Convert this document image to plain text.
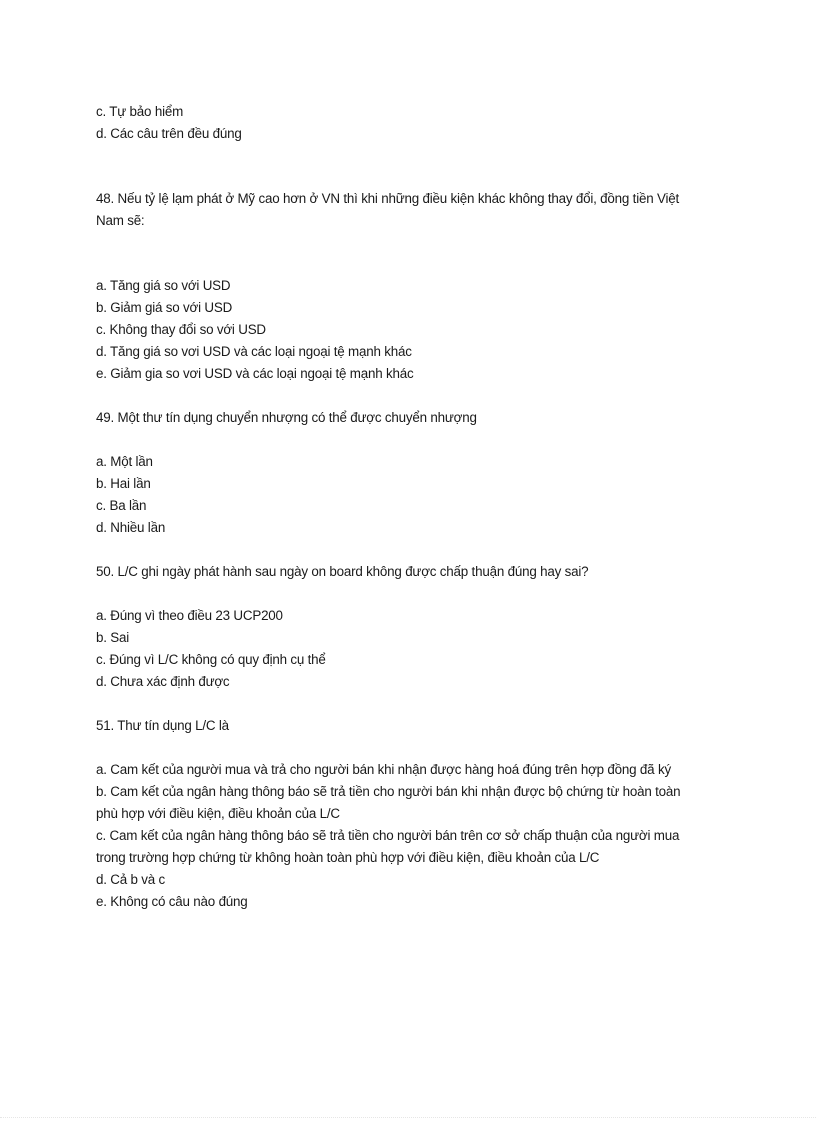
c. Tự bảo hiểm
d. Các câu trên đều đúng
48. Nếu tỷ lệ lạm phát ở Mỹ cao hơn ở VN thì khi những điều kiện khác không thay đổi, đồng tiền Việt
Nam sẽ:
a. Tăng giá so với USD
b. Giảm giá so với USD
c. Không thay đổi so với USD
d. Tăng giá so vơi USD và các loại ngoại tệ mạnh khác
e. Giảm gia so vơi USD và các loại ngoại tệ mạnh khác
49. Một thư tín dụng chuyển nhượng có thể được chuyển nhượng
a. Một lần
b. Hai lần
c. Ba lần
d. Nhiều lần
50. L/C ghi ngày phát hành sau ngày on board không được chấp thuận đúng hay sai?
a. Đúng vì theo điều 23 UCP200
b. Sai
c. Đúng vì L/C không có quy định cụ thể
d. Chưa xác định được
51. Thư tín dụng L/C là
a. Cam kết của người mua và trả cho người bán khi nhận được hàng hoá đúng trên hợp đồng đã ký
b. Cam kết của ngân hàng thông báo sẽ trả tiền cho người bán khi nhận được bộ chứng từ hoàn toàn
phù hợp với điều kiện, điều khoản của L/C
c. Cam kết của ngân hàng thông báo sẽ trả tiền cho người bán trên cơ sở chấp thuận của người mua
trong trường hợp chứng từ không hoàn toàn phù hợp với điều kiện, điều khoản của L/C
d. Cả b và c
e. Không có câu nào đúng
